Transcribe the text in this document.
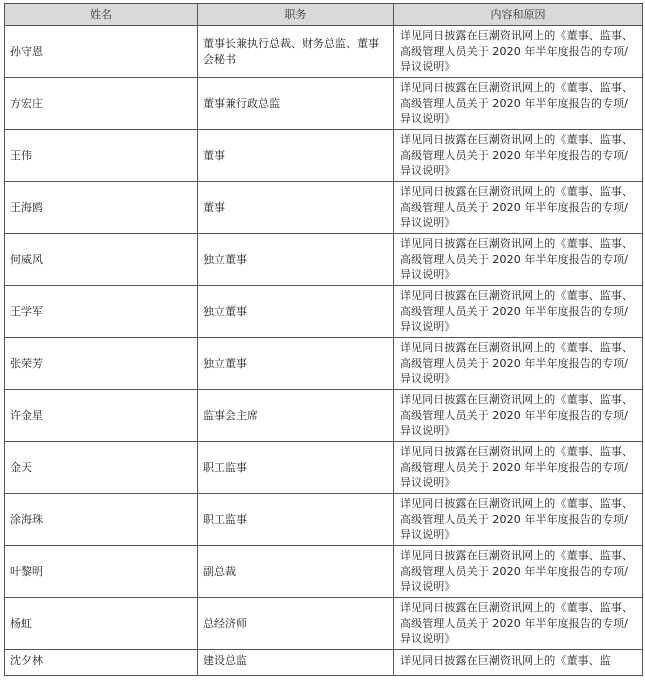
姓名	职务	内容和原因
孙守恩	董事长兼执行总裁、财务总监、董事会秘书	详见同日披露在巨潮资讯网上的《董事、监事、高级管理人员关于 2020 年半年度报告的专项/异议说明》
方宏庄	董事兼行政总监	详见同日披露在巨潮资讯网上的《董事、监事、高级管理人员关于 2020 年半年度报告的专项/异议说明》
王伟	董事	详见同日披露在巨潮资讯网上的《董事、监事、高级管理人员关于 2020 年半年度报告的专项/异议说明》
王海鸥	董事	详见同日披露在巨潮资讯网上的《董事、监事、高级管理人员关于 2020 年半年度报告的专项/异议说明》
何威风	独立董事	详见同日披露在巨潮资讯网上的《董事、监事、高级管理人员关于 2020 年半年度报告的专项/异议说明》
王学军	独立董事	详见同日披露在巨潮资讯网上的《董事、监事、高级管理人员关于 2020 年半年度报告的专项/异议说明》
张荣芳	独立董事	详见同日披露在巨潮资讯网上的《董事、监事、高级管理人员关于 2020 年半年度报告的专项/异议说明》
许金星	监事会主席	详见同日披露在巨潮资讯网上的《董事、监事、高级管理人员关于 2020 年半年度报告的专项/异议说明》
金天	职工监事	详见同日披露在巨潮资讯网上的《董事、监事、高级管理人员关于 2020 年半年度报告的专项/异议说明》
涂海珠	职工监事	详见同日披露在巨潮资讯网上的《董事、监事、高级管理人员关于 2020 年半年度报告的专项/异议说明》
叶黎明	副总裁	详见同日披露在巨潮资讯网上的《董事、监事、高级管理人员关于 2020 年半年度报告的专项/异议说明》
杨虹	总经济师	详见同日披露在巨潮资讯网上的《董事、监事、高级管理人员关于 2020 年半年度报告的专项/异议说明》
沈夕林	建设总监	详见同日披露在巨潮资讯网上的《董事、监
